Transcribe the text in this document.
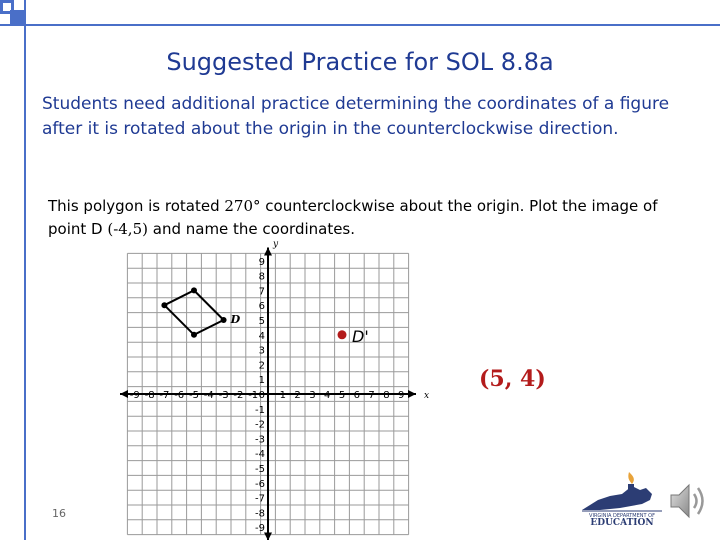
Suggested Practice for SOL 8.8a
Students need additional practice determining the coordinates of a figure after it is rotated about the origin in the counterclockwise direction.
This polygon is rotated 270° counterclockwise about the origin. Plot the image of point D (-4,5) and name the coordinates.
x
y
-9 -8 -7 -6 -5 -4 -3 -2 -1 1 2 3 4 5 6 7 8 9
-9
-8
-7
-6
-5
-4
-3
-2
-1
1
2
3
4
5
6
7
8
9
0
D
D'
(5, 4)
16	VIRGINIA DEPARTMENT OF
EDUCATION
